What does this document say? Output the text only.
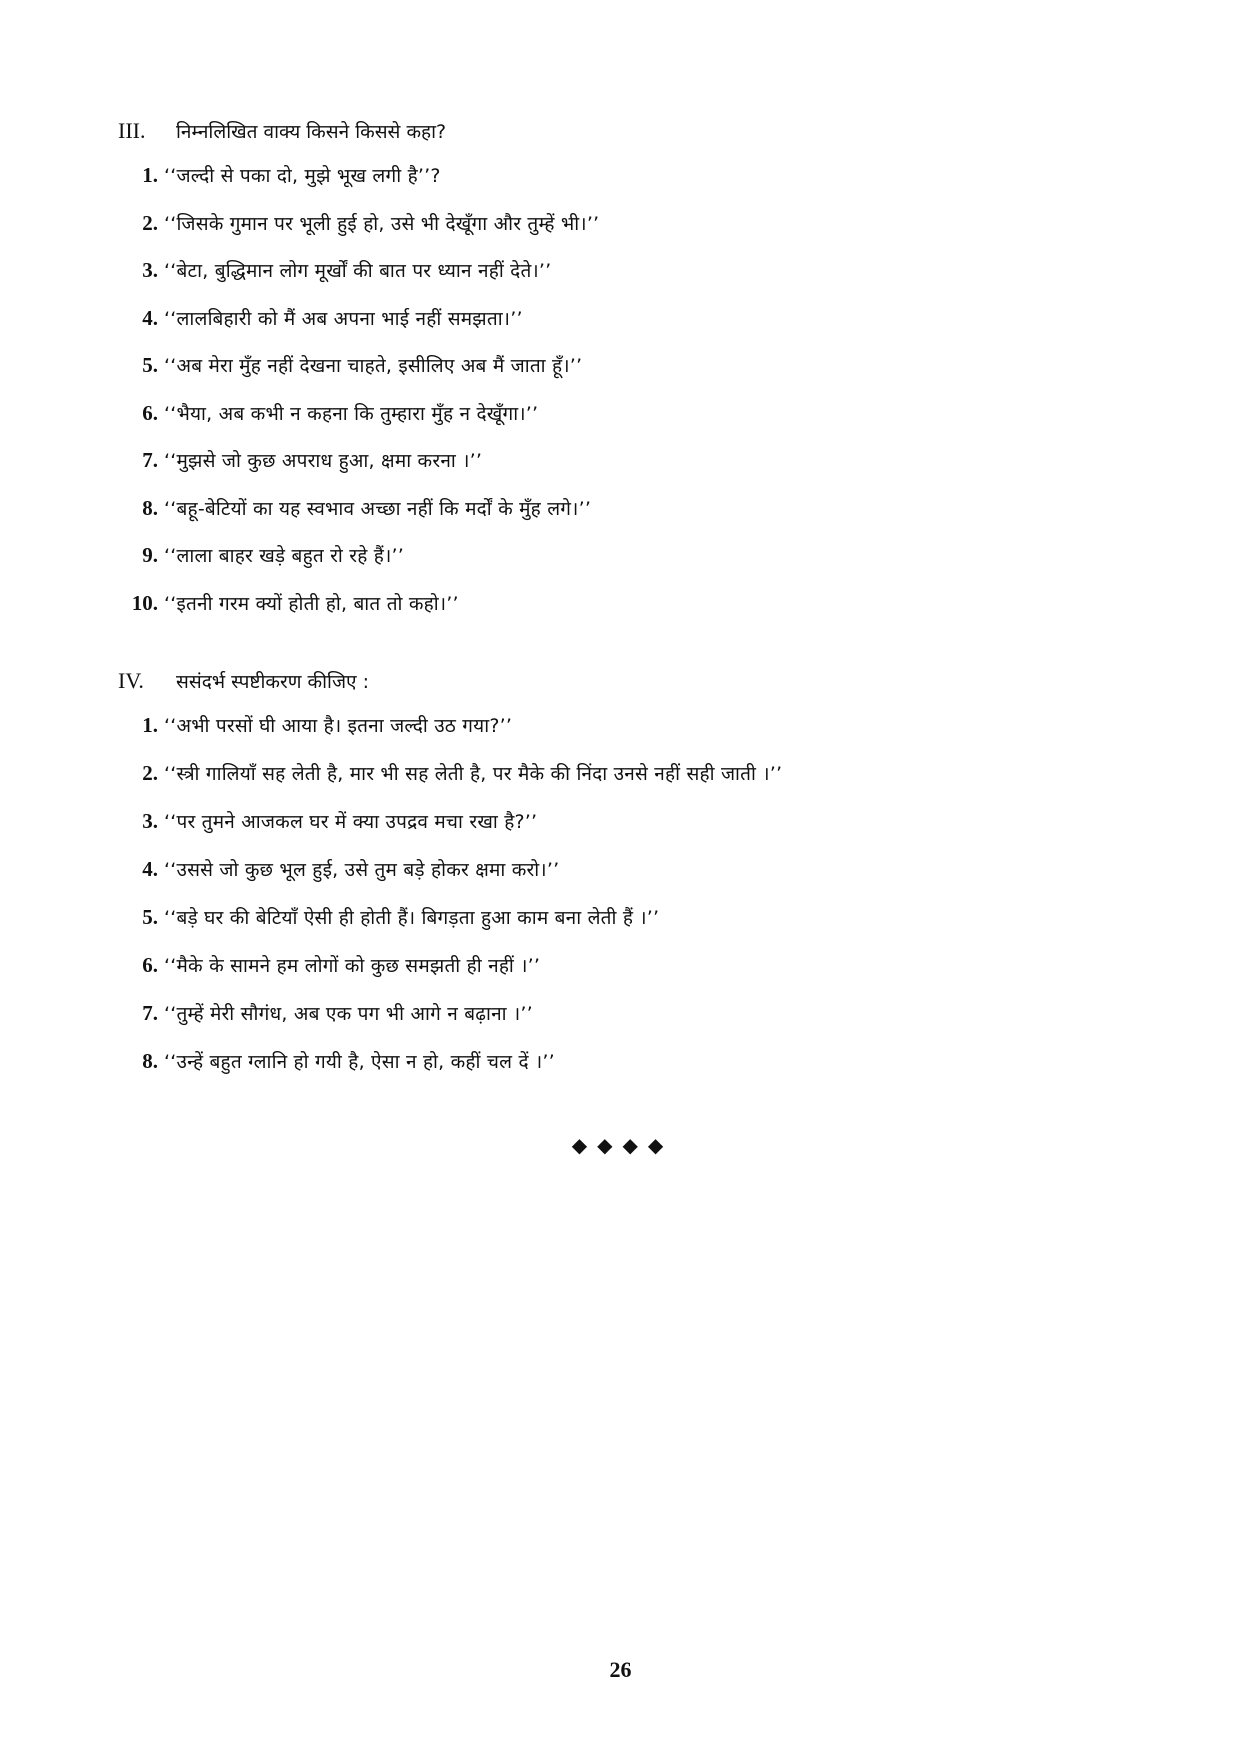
III.	निम्नलिखित वाक्य किसने किससे कहा?
1. ‘‘जल्दी से पका दो, मुझे भूख लगी है’’?
2. ‘‘जिसके गुमान पर भूली हुई हो, उसे भी देखूँगा और तुम्हें भी।’’
3. ‘‘बेटा, बुद्धिमान लोग मूर्खों की बात पर ध्यान नहीं देते।’’
4. ‘‘लालबिहारी को मैं अब अपना भाई नहीं समझता।’’
5. ‘‘अब मेरा मुँह नहीं देखना चाहते, इसीलिए अब मैं जाता हूँ।’’
6. ‘‘भैया, अब कभी न कहना कि तुम्हारा मुँह न देखूँगा।’’
7. ‘‘मुझसे जो कुछ अपराध हुआ, क्षमा करना ।’’
8. ‘‘बहू-बेटियों का यह स्वभाव अच्छा नहीं कि मर्दों के मुँह लगे।’’
9. ‘‘लाला बाहर खड़े बहुत रो रहे हैं।’’
10. ‘‘इतनी गरम क्यों होती हो, बात तो कहो।’’
IV.	ससंदर्भ स्पष्टीकरण कीजिए :
1. ‘‘अभी परसों घी आया है। इतना जल्दी उठ गया?’’
2. ‘‘स्त्री गालियाँ सह लेती है, मार भी सह लेती है, पर मैके की निंदा उनसे नहीं सही जाती ।’’
3. ‘‘पर तुमने आजकल घर में क्या उपद्रव मचा रखा है?’’
4. ‘‘उससे जो कुछ भूल हुई, उसे तुम बड़े होकर क्षमा करो।’’
5. ‘‘बड़े घर की बेटियाँ ऐसी ही होती हैं। बिगड़ता हुआ काम बना लेती हैं ।’’
6. ‘‘मैके के सामने हम लोगों को कुछ समझती ही नहीं ।’’
7. ‘‘तुम्हें मेरी सौगंध, अब एक पग भी आगे न बढ़ाना ।’’
8. ‘‘उन्हें बहुत ग्लानि हो गयी है, ऐसा न हो, कहीं चल दें ।’’
◆ ◆ ◆ ◆
26
